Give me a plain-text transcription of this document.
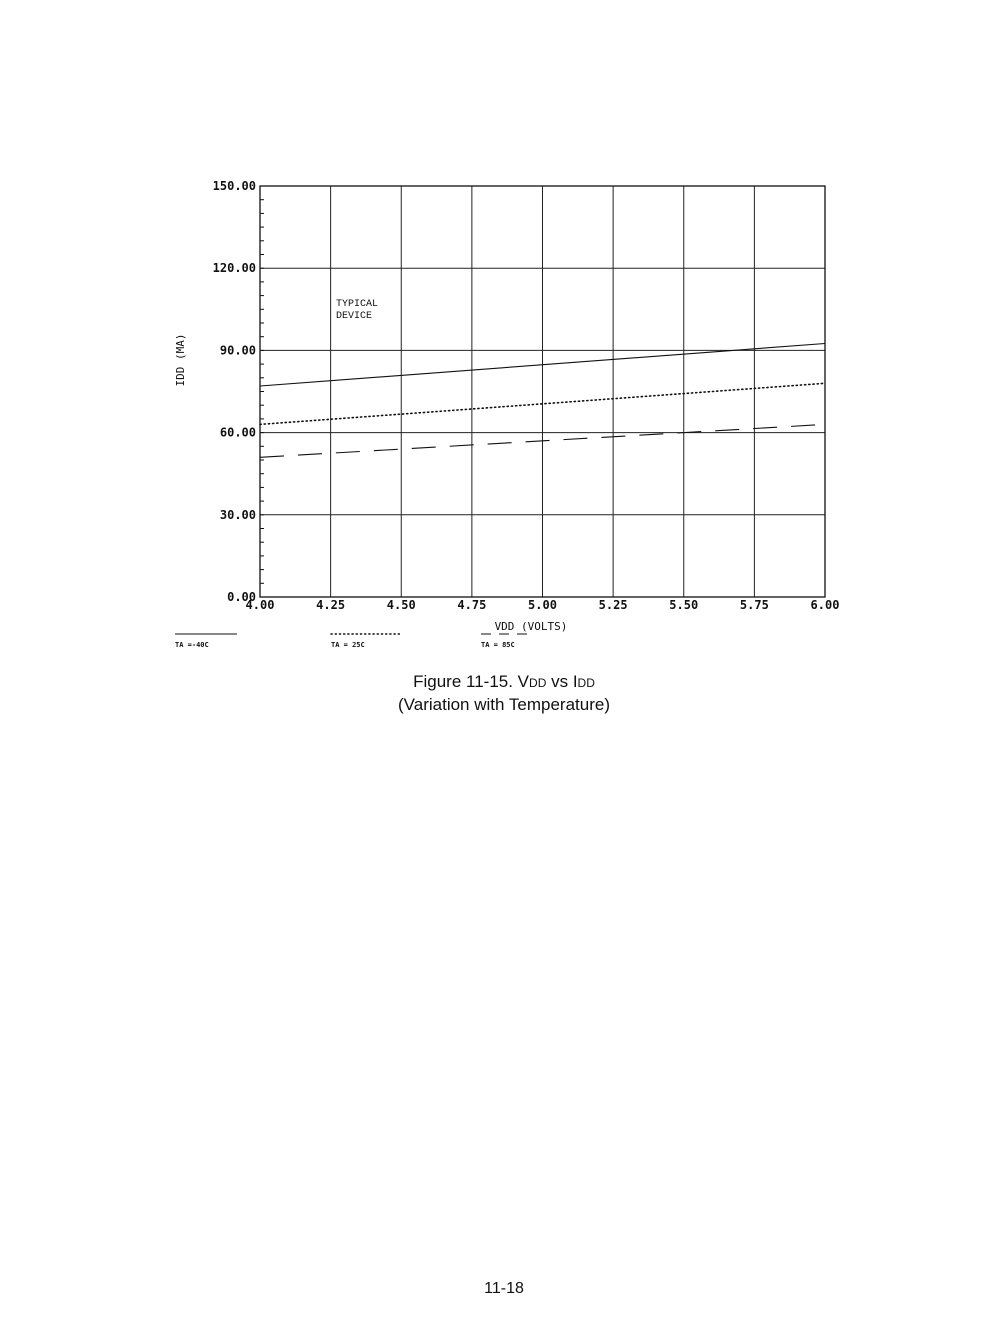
0.00
30.00
60.00
90.00
120.00
150.00
4.00	4.25	4.50	4.75	5.00	5.25	5.50	5.75	6.00
IDD (MA)
VDD (VOLTS)
TYPICAL
DEVICE
TA =-40C	TA = 25C	TA = 85C
Figure 11-15. VDD vs IDD
(Variation with Temperature)
11-18
